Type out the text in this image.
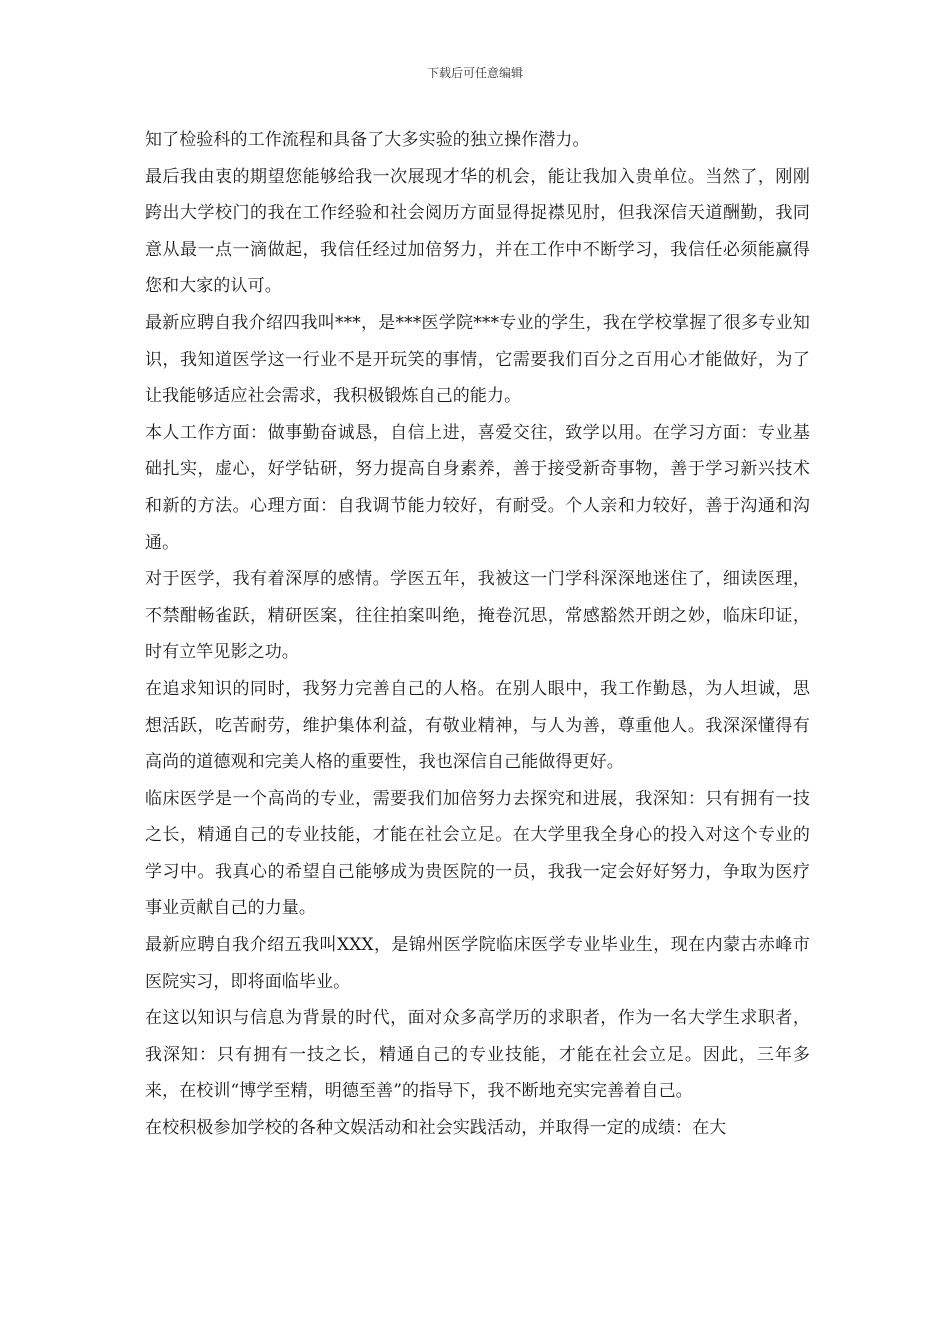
下载后可任意编辑

知了检验科的工作流程和具备了大多实验的独立操作潜力。

最后我由衷的期望您能够给我一次展现才华的机会，能让我加入贵单位。当然了，刚刚跨出大学校门的我在工作经验和社会阅历方面显得捉襟见肘，但我深信天道酬勤，我同意从最一点一滴做起，我信任经过加倍努力，并在工作中不断学习，我信任必须能赢得您和大家的认可。

最新应聘自我介绍四我叫***，是***医学院***专业的学生，我在学校掌握了很多专业知识，我知道医学这一行业不是开玩笑的事情，它需要我们百分之百用心才能做好，为了让我能够适应社会需求，我积极锻炼自己的能力。

本人工作方面：做事勤奋诚恳，自信上进，喜爱交往，致学以用。在学习方面：专业基础扎实，虚心，好学钻研，努力提高自身素养，善于接受新奇事物，善于学习新兴技术和新的方法。心理方面：自我调节能力较好，有耐受。个人亲和力较好，善于沟通和沟通。

对于医学，我有着深厚的感情。学医五年，我被这一门学科深深地迷住了，细读医理，不禁酣畅雀跃，精研医案，往往拍案叫绝，掩卷沉思，常感豁然开朗之妙，临床印证，时有立竿见影之功。

在追求知识的同时，我努力完善自己的人格。在别人眼中，我工作勤恳，为人坦诚，思想活跃，吃苦耐劳，维护集体利益，有敬业精神，与人为善，尊重他人。我深深懂得有高尚的道德观和完美人格的重要性，我也深信自己能做得更好。

临床医学是一个高尚的专业，需要我们加倍努力去探究和进展，我深知：只有拥有一技之长，精通自己的专业技能，才能在社会立足。在大学里我全身心的投入对这个专业的学习中。我真心的希望自己能够成为贵医院的一员，我我一定会好好努力，争取为医疗事业贡献自己的力量。

最新应聘自我介绍五我叫XXX，是锦州医学院临床医学专业毕业生，现在内蒙古赤峰市医院实习，即将面临毕业。

在这以知识与信息为背景的时代，面对众多高学历的求职者，作为一名大学生求职者，我深知：只有拥有一技之长，精通自己的专业技能，才能在社会立足。因此，三年多来，在校训“博学至精，明德至善”的指导下，我不断地充实完善着自己。

在校积极参加学校的各种文娱活动和社会实践活动，并取得一定的成绩：在大
